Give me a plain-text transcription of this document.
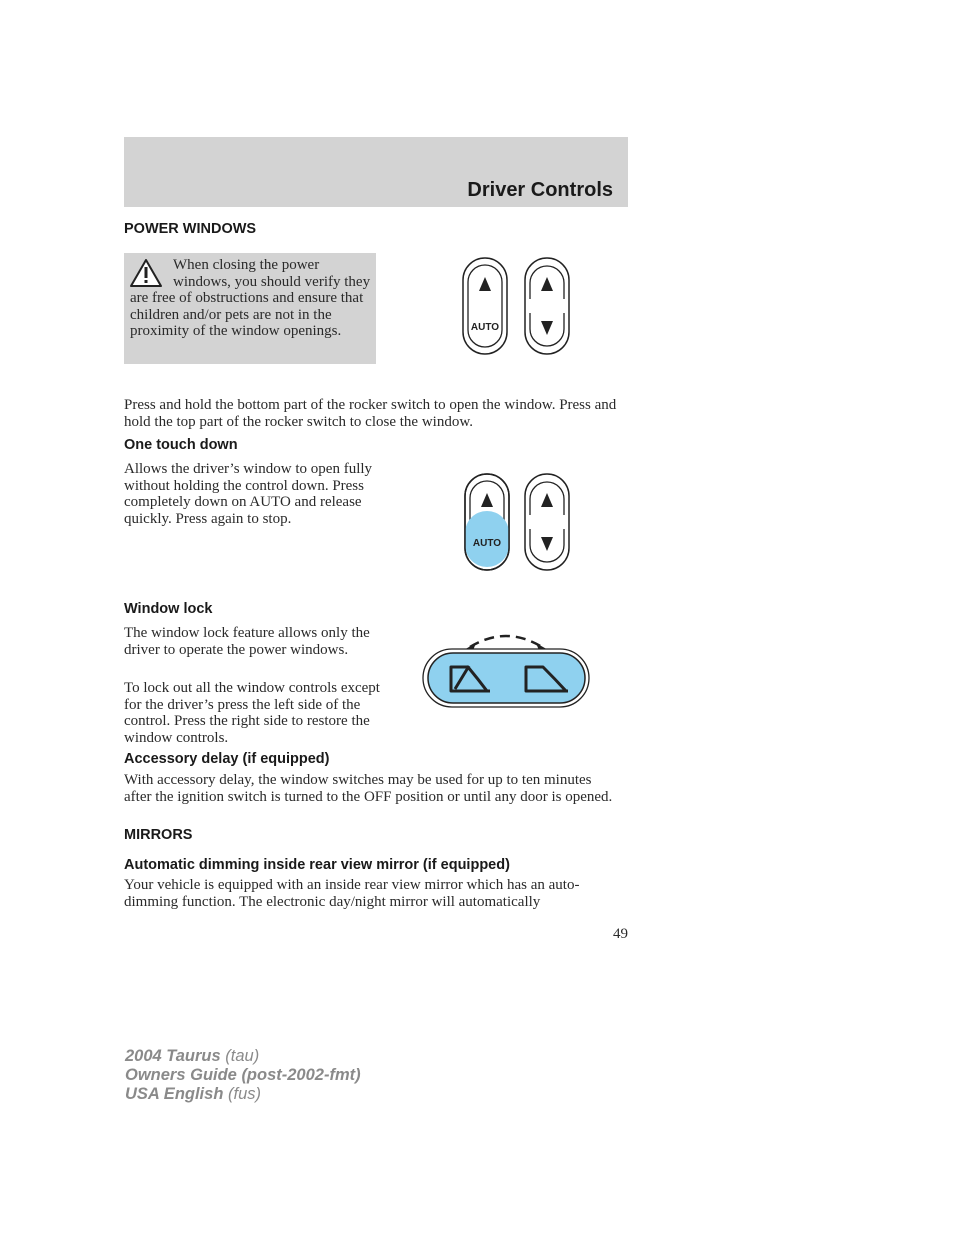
Driver Controls
POWER WINDOWS
When closing the power windows, you should verify they are free of obstructions and ensure that children and/or pets are not in the proximity of the window openings.	AUTO
Press and hold the bottom part of the rocker switch to open the window. Press and hold the top part of the rocker switch to close the window.
One touch down
Allows the driver’s window to open fully without holding the control down. Press completely down on AUTO and release quickly. Press again to stop.
AUTO
Window lock
The window lock feature allows only the driver to operate the power windows.
To lock out all the window controls except for the driver’s press the left side of the control. Press the right side to restore the window controls.
Accessory delay (if equipped)
With accessory delay, the window switches may be used for up to ten minutes after the ignition switch is turned to the OFF position or until any door is opened.
MIRRORS
Automatic dimming inside rear view mirror (if equipped)
Your vehicle is equipped with an inside rear view mirror which has an auto-dimming function. The electronic day/night mirror will automatically
49
2004 Taurus (tau)
Owners Guide (post-2002-fmt)
USA English (fus)
